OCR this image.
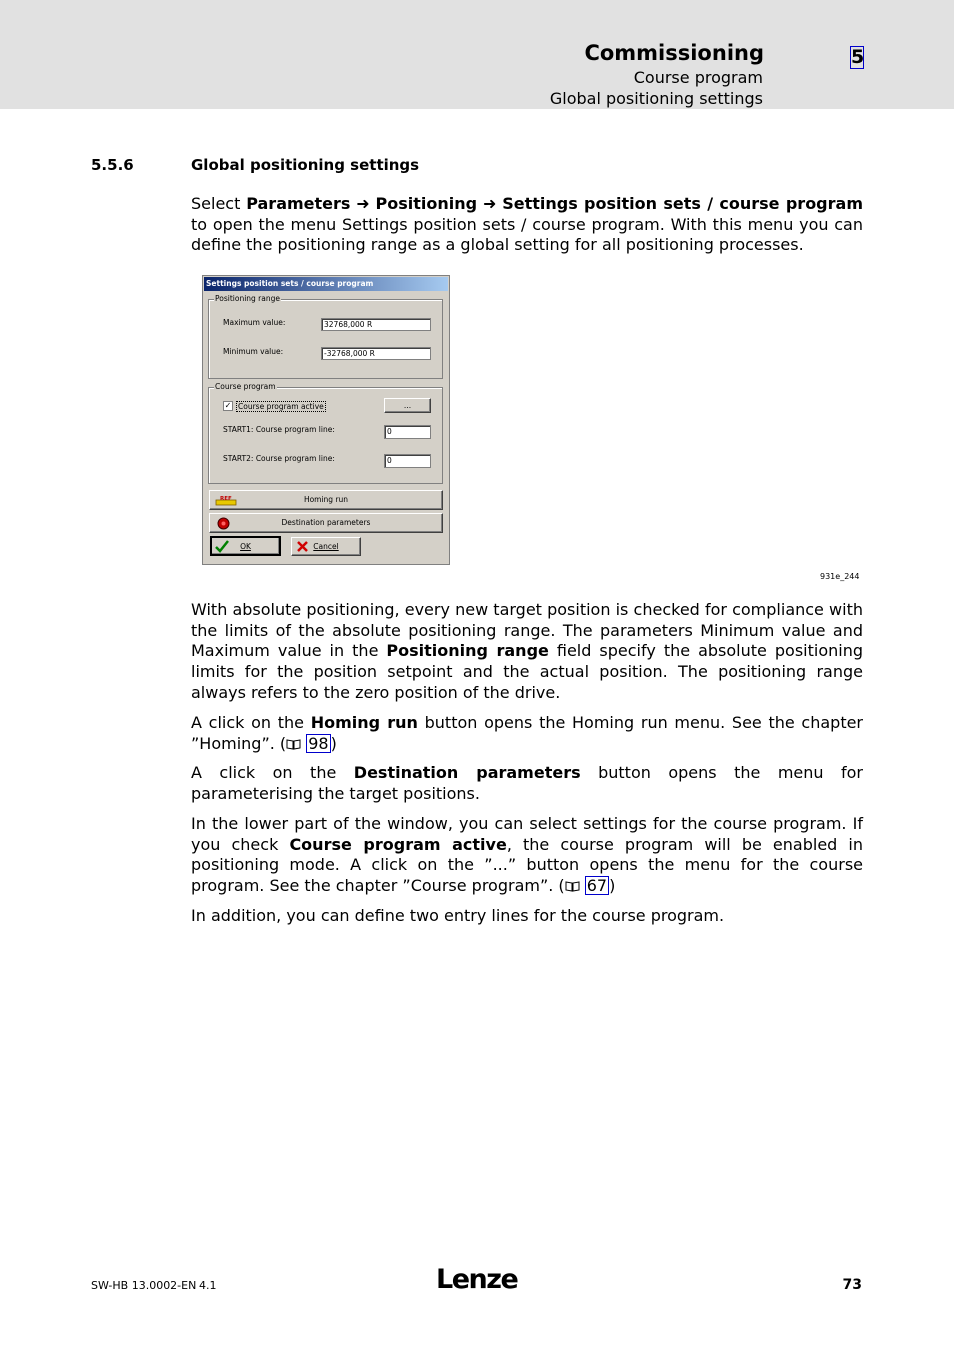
Commissioning
Course program
Global positioning settings
5
5.5.6	Global positioning settings

Select Parameters ➜ Positioning ➜ Settings position sets / course program to open the menu Settings position sets / course program. With this menu you can define the positioning range as a global setting for all positioning processes.

Settings position sets / course program
Positioning range
Maximum value:	32768,000 R
Minimum value:	-32768,000 R
Course program
✓ Course program active	...
START1: Course program line:	0
START2: Course program line:	0
REF	Homing run
Destination parameters
OK	Cancel
931e_244

With absolute positioning, every new target position is checked for compliance with the limits of the absolute positioning range. The parameters Minimum value and Maximum value in the Positioning range field specify the absolute positioning limits for the position setpoint and the actual position. The positioning range always refers to the zero position of the drive.

A click on the Homing run button opens the Homing run menu. See the chapter ”Homing”. ( 98 )

A click on the Destination parameters button opens the menu for parameterising the target positions.

In the lower part of the window, you can select settings for the course program. If you check Course program active, the course program will be enabled in positioning mode. A click on the ”...” button opens the menu for the course program. See the chapter ”Course program”. ( 67 )

In addition, you can define two entry lines for the course program.

SW-HB 13.0002-EN 4.1	Lenze	73
